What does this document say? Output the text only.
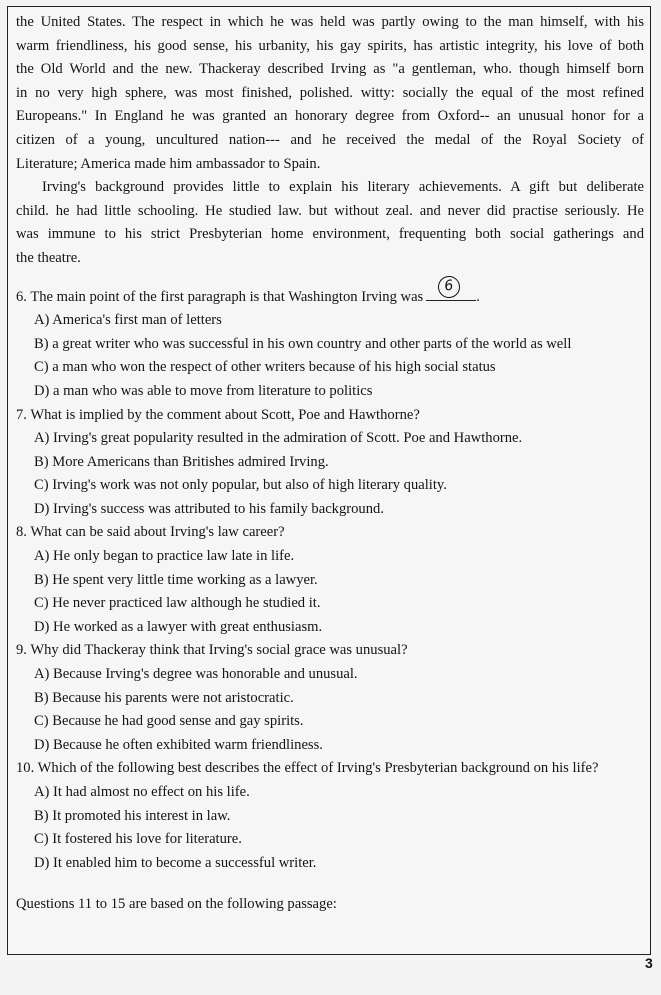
the United States. The respect in which he was held was partly owing to the man himself, with his
warm friendliness, his good sense, his urbanity, his gay spirits, has artistic integrity, his love of both
the Old World and the new. Thackeray described Irving as "a gentleman, who. though himself born
in no very high sphere, was most finished, polished. witty: socially the equal of the most refined
Europeans." In England he was granted an honorary degree from Oxford-- an unusual honor for a
citizen of a young, uncultured nation--- and he received the medal of the Royal Society of
Literature; America made him ambassador to Spain.

Irving's background provides little to explain his literary achievements. A gift but deliberate
child. he had little schooling. He studied law. but without zeal. and never did practise seriously. He
was immune to his strict Presbyterian home environment, frequenting both social gatherings and
the theatre.

6. The main point of the first paragraph is that Washington Irving was
6
.
A) America's first man of letters
B) a great writer who was successful in his own country and other parts of the world as well
C) a man who won the respect of other writers because of his high social status
D) a man who was able to move from literature to politics
7. What is implied by the comment about Scott, Poe and Hawthorne?
A) Irving's great popularity resulted in the admiration of Scott. Poe and Hawthorne.
B) More Americans than Britishes admired Irving.
C) Irving's work was not only popular, but also of high literary quality.
D) Irving's success was attributed to his family background.
8. What can be said about Irving's law career?
A) He only began to practice law late in life.
B) He spent very little time working as a lawyer.
C) He never practiced law although he studied it.
D) He worked as a lawyer with great enthusiasm.
9. Why did Thackeray think that Irving's social grace was unusual?
A) Because Irving's degree was honorable and unusual.
B) Because his parents were not aristocratic.
C) Because he had good sense and gay spirits.
D) Because he often exhibited warm friendliness.
10. Which of the following best describes the effect of Irving's Presbyterian background on his life?
A) It had almost no effect on his life.
B) It promoted his interest in law.
C) It fostered his love for literature.
D) It enabled him to become a successful writer.
Questions 11 to 15 are based on the following passage:
3
